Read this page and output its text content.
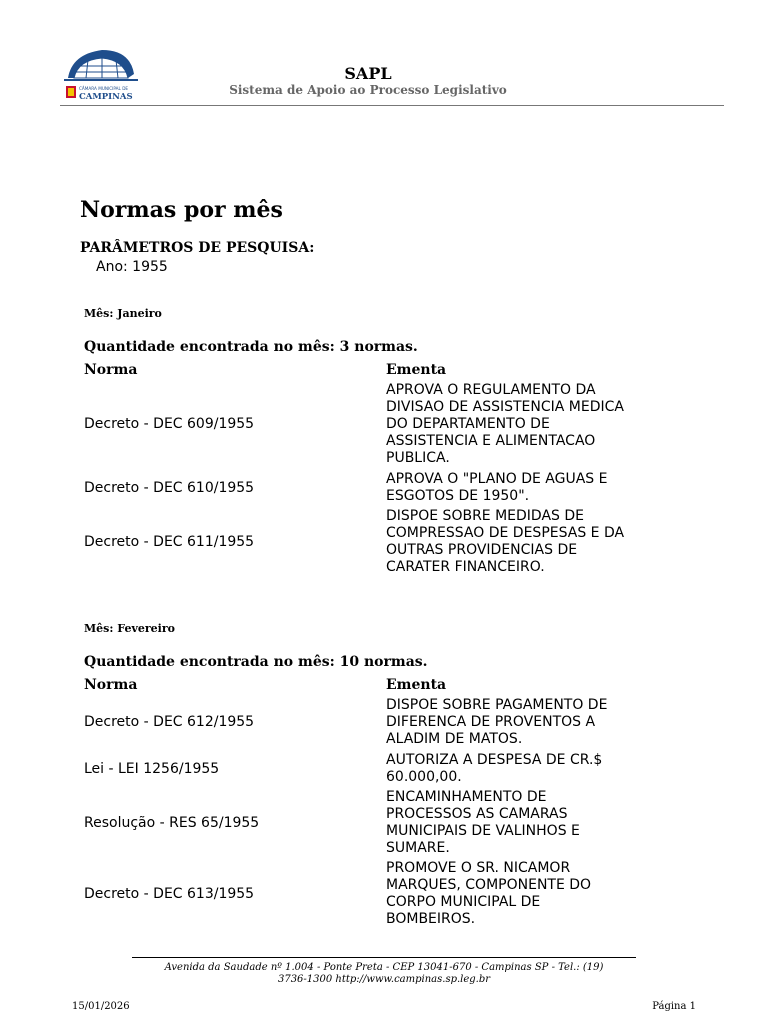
CÂMARA MUNICIPAL DE
CAMPINAS
SAPL
Sistema de Apoio ao Processo Legislativo
Normas por mês
PARÂMETROS DE PESQUISA:
Ano: 1955
Mês: Janeiro
Quantidade encontrada no mês: 3 normas.
Norma	Ementa
Decreto - DEC 609/1955
APROVA O REGULAMENTO DA
DIVISAO DE ASSISTENCIA MEDICA
DO DEPARTAMENTO DE
ASSISTENCIA E ALIMENTACAO
PUBLICA.
Decreto - DEC 610/1955
APROVA O "PLANO DE AGUAS E
ESGOTOS DE 1950".
Decreto - DEC 611/1955
DISPOE SOBRE MEDIDAS DE
COMPRESSAO DE DESPESAS E DA
OUTRAS PROVIDENCIAS DE
CARATER FINANCEIRO.
Mês: Fevereiro
Quantidade encontrada no mês: 10 normas.
Norma	Ementa
Decreto - DEC 612/1955
DISPOE SOBRE PAGAMENTO DE
DIFERENCA DE PROVENTOS A
ALADIM DE MATOS.
Lei - LEI 1256/1955
AUTORIZA A DESPESA DE CR.$
60.000,00.
Resolução - RES 65/1955
ENCAMINHAMENTO DE
PROCESSOS AS CAMARAS
MUNICIPAIS DE VALINHOS E
SUMARE.
Decreto - DEC 613/1955
PROMOVE O SR. NICAMOR
MARQUES, COMPONENTE DO
CORPO MUNICIPAL DE
BOMBEIROS.
Avenida da Saudade nº 1.004 - Ponte Preta - CEP 13041-670 - Campinas SP - Tel.: (19)
3736-1300 http://www.campinas.sp.leg.br
15/01/2026	Página 1
